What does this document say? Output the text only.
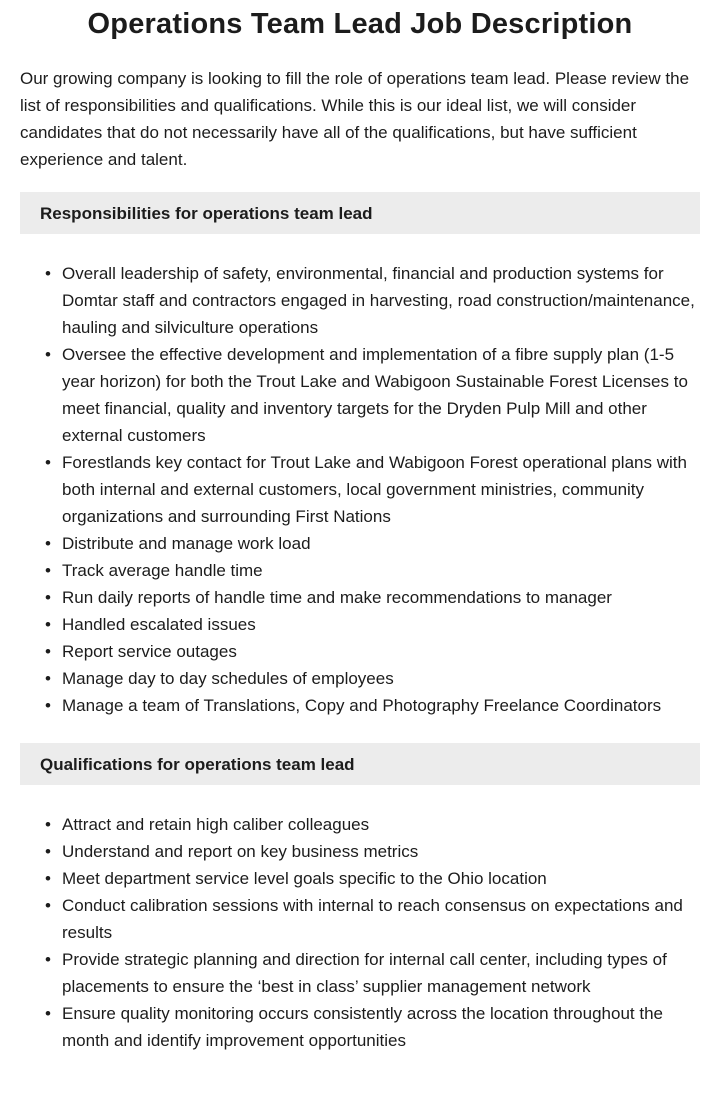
Operations Team Lead Job Description

Our growing company is looking to fill the role of operations team lead. Please review the list of responsibilities and qualifications. While this is our ideal list, we will consider candidates that do not necessarily have all of the qualifications, but have sufficient experience and talent.

Responsibilities for operations team lead
• Overall leadership of safety, environmental, financial and production systems for Domtar staff and contractors engaged in harvesting, road construction/maintenance, hauling and silviculture operations
• Oversee the effective development and implementation of a fibre supply plan (1-5 year horizon) for both the Trout Lake and Wabigoon Sustainable Forest Licenses to meet financial, quality and inventory targets for the Dryden Pulp Mill and other external customers
• Forestlands key contact for Trout Lake and Wabigoon Forest operational plans with both internal and external customers, local government ministries, community organizations and surrounding First Nations
• Distribute and manage work load
• Track average handle time
• Run daily reports of handle time and make recommendations to manager
• Handled escalated issues
• Report service outages
• Manage day to day schedules of employees
• Manage a team of Translations, Copy and Photography Freelance Coordinators
Qualifications for operations team lead
• Attract and retain high caliber colleagues
• Understand and report on key business metrics
• Meet department service level goals specific to the Ohio location
• Conduct calibration sessions with internal to reach consensus on expectations and results
• Provide strategic planning and direction for internal call center, including types of placements to ensure the ‘best in class’ supplier management network
• Ensure quality monitoring occurs consistently across the location throughout the month and identify improvement opportunities
